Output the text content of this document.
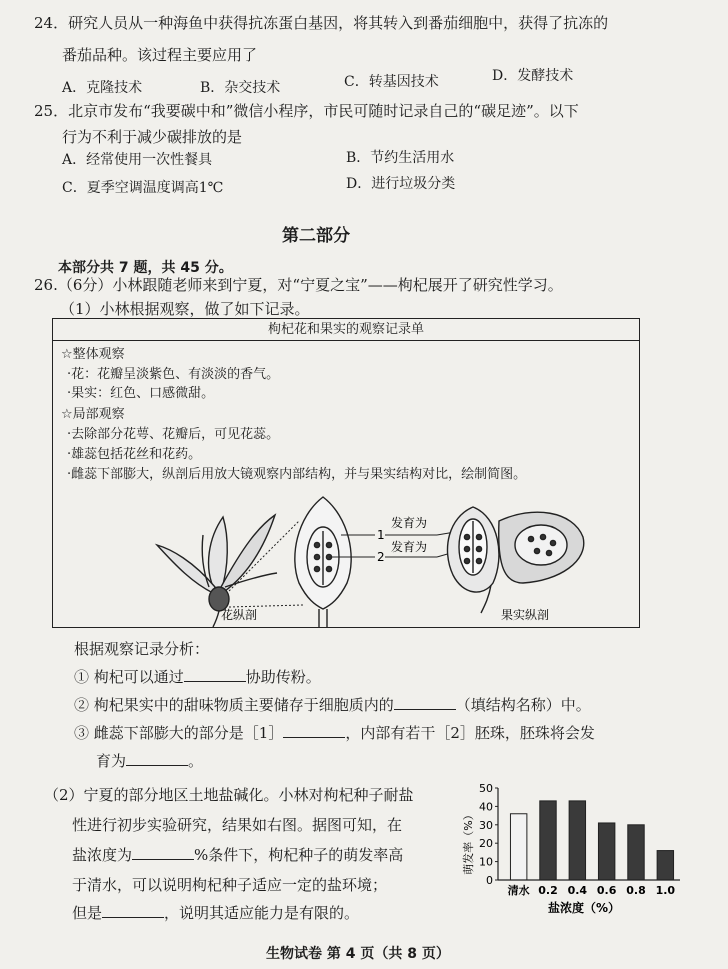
24．研究人员从一种海鱼中获得抗冻蛋白基因，将其转入到番茄细胞中，获得了抗冻的
番茄品种。该过程主要应用了
A．克隆技术	B．杂交技术	C．转基因技术	D．发酵技术
25．北京市发布“我要碳中和”微信小程序，市民可随时记录自己的“碳足迹”。以下
行为不利于减少碳排放的是
A．经常使用一次性餐具	B．节约生活用水
C．夏季空调温度调高1℃	D．进行垃圾分类
第二部分
本部分共 7 题，共 45 分。
26.（6分）小林跟随老师来到宁夏，对“宁夏之宝”——枸杞展开了研究性学习。
（1）小林根据观察，做了如下记录。
枸杞花和果实的观察记录单
☆整体观察
·花：花瓣呈淡紫色、有淡淡的香气。
·果实：红色、口感微甜。
☆局部观察
·去除部分花萼、花瓣后，可见花蕊。
·雄蕊包括花丝和花药。
·雌蕊下部膨大，纵剖后用放大镜观察内部结构，并与果实结构对比，绘制简图。
1
2
发育为
发育为
花纵剖	果实纵剖
根据观察记录分析：
① 枸杞可以通过	协助传粉。
② 枸杞果实中的甜味物质主要储存于细胞质内的	（填结构名称）中。
③ 雌蕊下部膨大的部分是［1］	，内部有若干［2］胚珠，胚珠将会发
育为	。
（2）宁夏的部分地区土地盐碱化。小林对枸杞种子耐盐
性进行初步实验研究，结果如右图。据图可知，在
盐浓度为	%条件下，枸杞种子的萌发率高
于清水，可以说明枸杞种子适应一定的盐环境；
但是	，说明其适应能力是有限的。
萌发率（%）
0
10
20
30
40
50
清水 0.2 0.4 0.6 0.8 1.0
盐浓度（%）
生物试卷 第 4 页（共 8 页）
